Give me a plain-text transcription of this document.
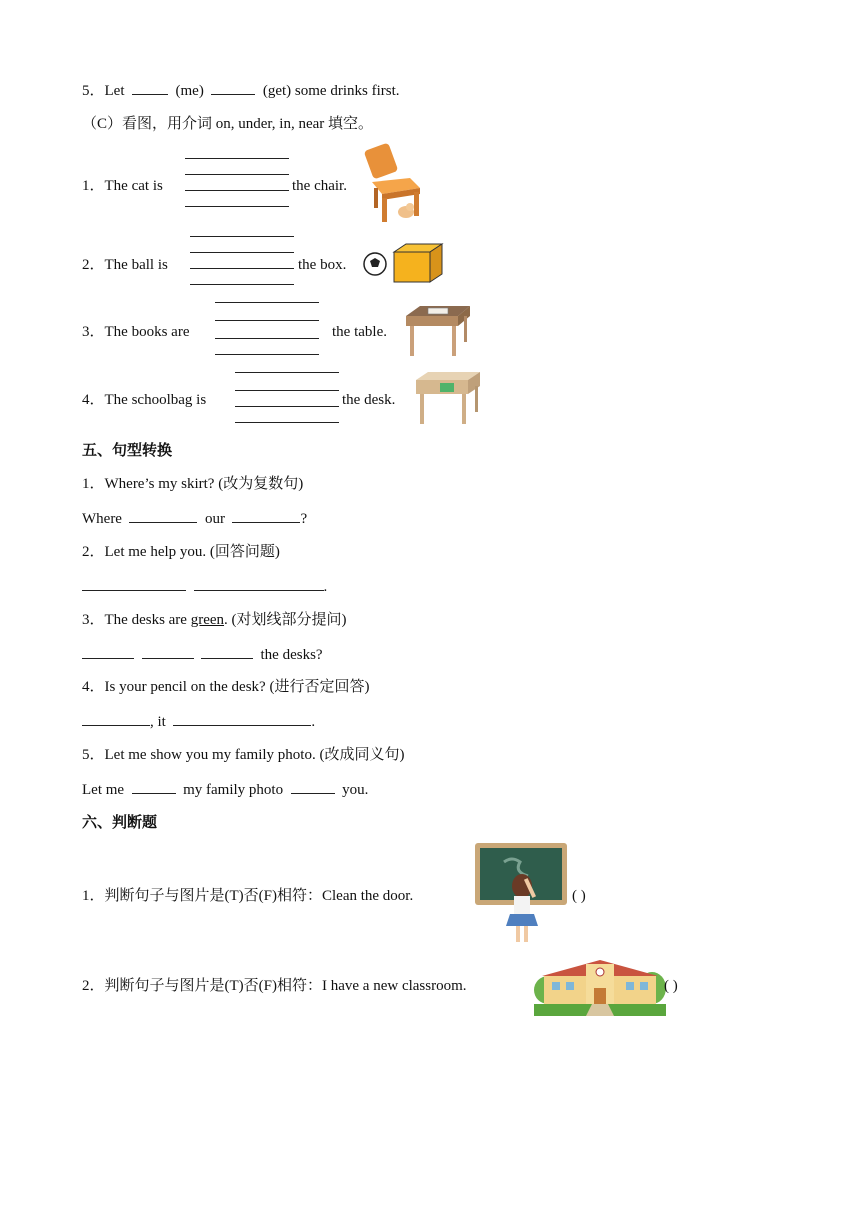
5．Let	(me)	(get) some drinks first.
（C）看图，用介词 on, under, in, near 填空。
1．The cat is	the chair.
2．The ball is	the box.
3．The books are	the table.
4．The schoolbag is	the desk.
五、句型转换
1．Where’s my skirt? (改为复数句)
Where	our	?
2．Let me help you. (回答问题)
.
3．The desks are green. (对划线部分提问)
the desks?
4．Is your pencil on the desk? (进行否定回答)
, it	.
5．Let me show you my family photo. (改成同义句)
Let me	my family photo	you.
六、判断题
1．判断句子与图片是(T)否(F)相符：Clean the door.	( )
2．判断句子与图片是(T)否(F)相符：I have a new classroom.	( )
